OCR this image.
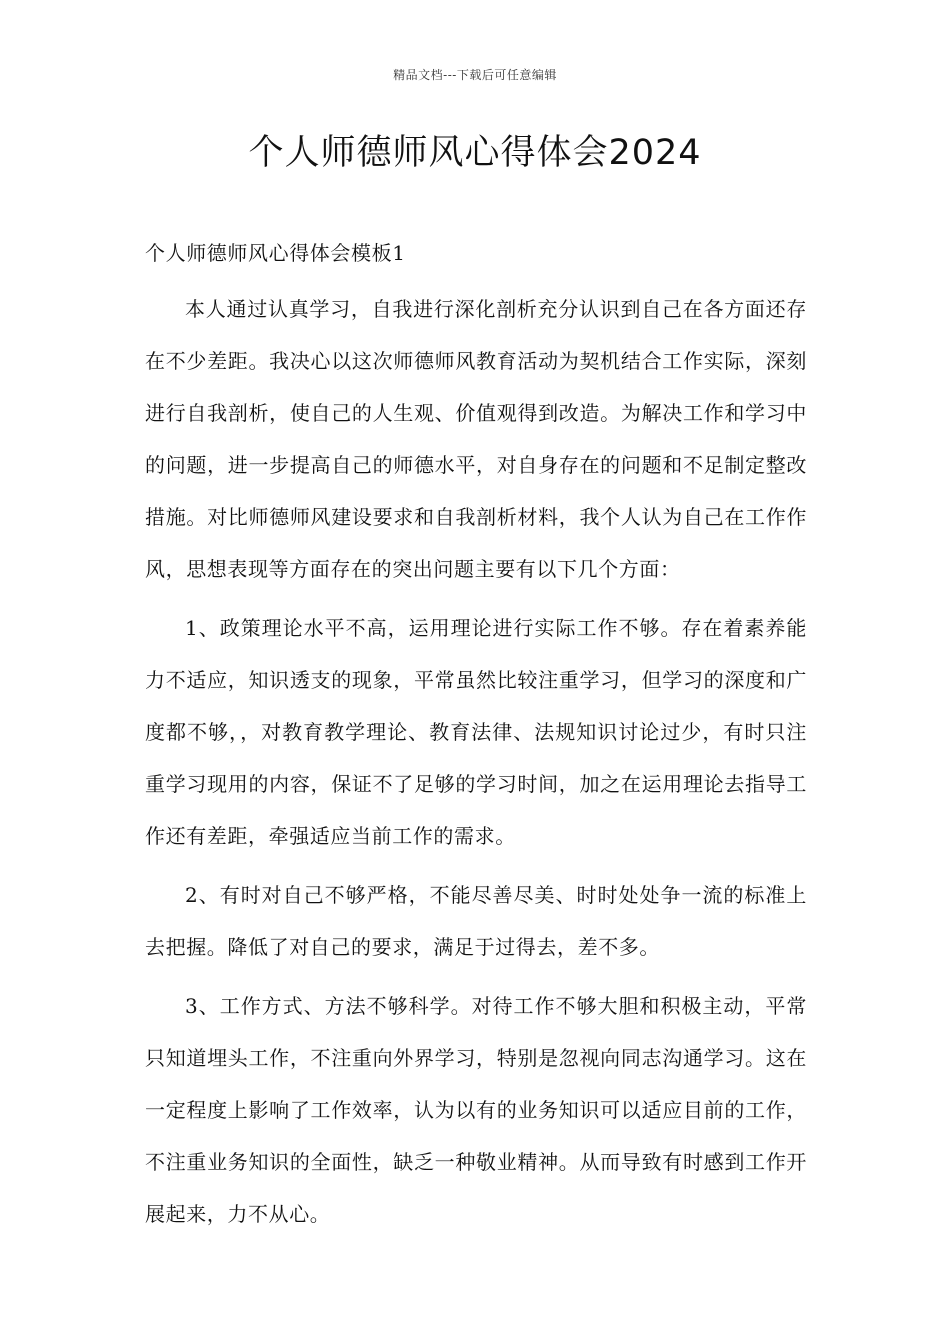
精品文档---下载后可任意编辑
个人师德师风心得体会2024

个人师德师风心得体会模板1

本人通过认真学习，自我进行深化剖析充分认识到自己在各方面还存在不少差距。我决心以这次师德师风教育活动为契机结合工作实际，深刻进行自我剖析，使自己的人生观、价值观得到改造。为解决工作和学习中的问题，进一步提高自己的师德水平，对自身存在的问题和不足制定整改措施。对比师德师风建设要求和自我剖析材料，我个人认为自己在工作作风，思想表现等方面存在的突出问题主要有以下几个方面：

1、政策理论水平不高，运用理论进行实际工作不够。存在着素养能力不适应，知识透支的现象，平常虽然比较注重学习，但学习的深度和广度都不够，，对教育教学理论、教育法律、法规知识讨论过少，有时只注重学习现用的内容，保证不了足够的学习时间，加之在运用理论去指导工作还有差距，牵强适应当前工作的需求。

2、有时对自己不够严格，不能尽善尽美、时时处处争一流的标准上去把握。降低了对自己的要求，满足于过得去，差不多。

3、工作方式、方法不够科学。对待工作不够大胆和积极主动，平常只知道埋头工作，不注重向外界学习，特别是忽视向同志沟通学习。这在一定程度上影响了工作效率，认为以有的业务知识可以适应目前的工作，不注重业务知识的全面性，缺乏一种敬业精神。从而导致有时感到工作开展起来，力不从心。
